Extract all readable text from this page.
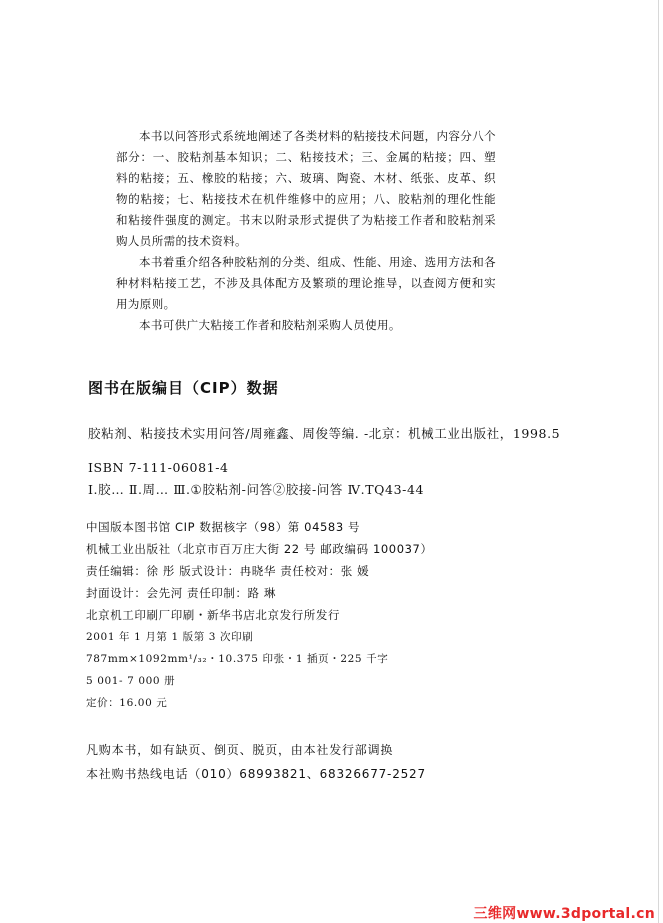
本书以问答形式系统地阐述了各类材料的粘接技术问题，内容分八个部分：一、胶粘剂基本知识；二、粘接技术；三、金属的粘接；四、塑料的粘接；五、橡胶的粘接；六、玻璃、陶瓷、木材、纸张、皮革、织物的粘接；七、粘接技术在机件维修中的应用；八、胶粘剂的理化性能和粘接件强度的测定。书末以附录形式提供了为粘接工作者和胶粘剂采购人员所需的技术资料。

本书着重介绍各种胶粘剂的分类、组成、性能、用途、选用方法和各种材料粘接工艺，不涉及具体配方及繁琐的理论推导，以查阅方便和实用为原则。

本书可供广大粘接工作者和胶粘剂采购人员使用。

图书在版编目（CIP）数据

胶粘剂、粘接技术实用问答/周雍鑫、周俊等编. -北京：机械工业出版社，1998.5

ISBN 7-111-06081-4

Ⅰ.胶… Ⅱ.周… Ⅲ.①胶粘剂-问答②胶接-问答 Ⅳ.TQ43-44

中国版本图书馆 CIP 数据核字（98）第 04583 号

机械工业出版社（北京市百万庄大街 22 号 邮政编码 100037）

责任编辑：徐 彤 版式设计：冉晓华 责任校对：张 媛

封面设计：会先河 责任印制：路 琳

北京机工印刷厂印刷・新华书店北京发行所发行

2001 年 1 月第 1 版第 3 次印刷

787mm×1092mm¹/₃₂・10.375 印张・1 插页・225 千字

5 001- 7 000 册

定价：16.00 元

凡购本书，如有缺页、倒页、脱页，由本社发行部调换

本社购书热线电话（010）68993821、68326677-2527

三维网www.3dportal.cn
